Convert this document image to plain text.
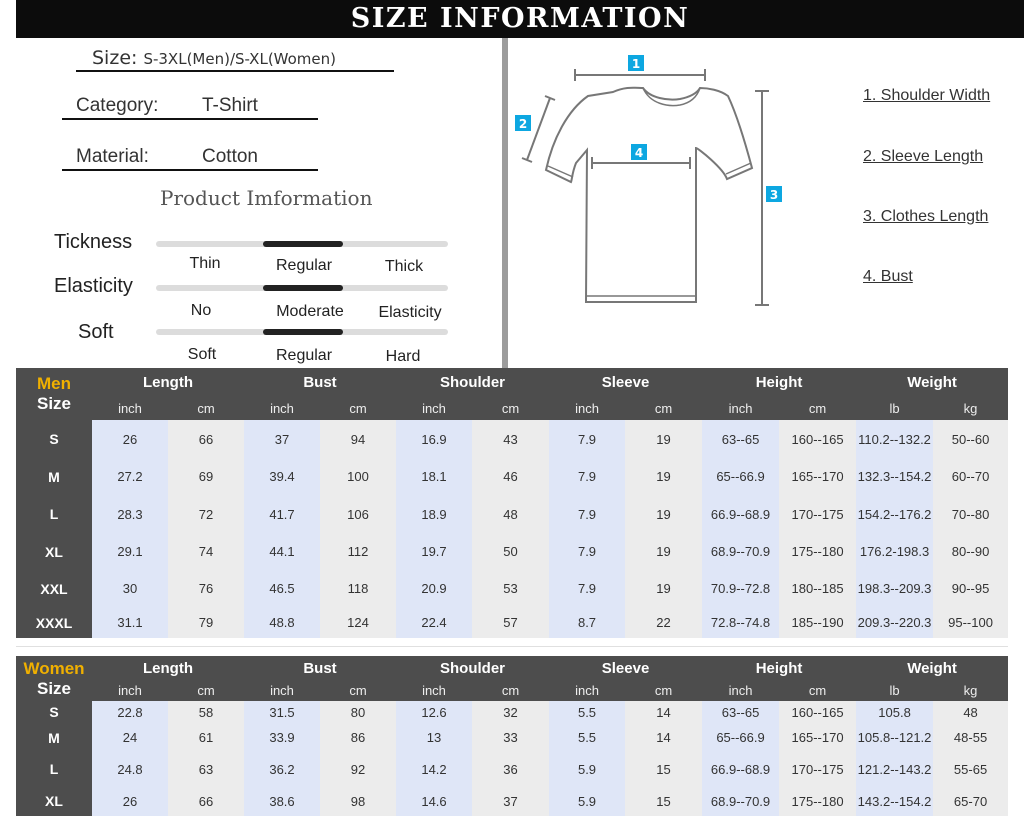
SIZE INFORMATION
Size: S-3XL(Men)/S-XL(Women)
Category: T-Shirt
Material:	Cotton
Product Imformation
Tickness
Thin	Regular	Thick
Elasticity
No	Moderate	Elasticity
Soft
Soft	Regular	Hard
1
2
3
4
1. Shoulder Width
2. Sleeve Length
3. Clothes Length
4. Bust
Men
Size	Length		Bust		Shoulder		Sleeve		Height		Weight	
	inch	cm	inch	cm	inch	cm	inch	cm	inch	cm	lb	kg
S	26	66	37	94	16.9	43	7.9	19	63--65	160--165	110.2--132.2	50--60
M	27.2	69	39.4	100	18.1	46	7.9	19	65--66.9	165--170	132.3--154.2	60--70
L	28.3	72	41.7	106	18.9	48	7.9	19	66.9--68.9	170--175	154.2--176.2	70--80
XL	29.1	74	44.1	112	19.7	50	7.9	19	68.9--70.9	175--180	176.2-198.3	80--90
XXL	30	76	46.5	118	20.9	53	7.9	19	70.9--72.8	180--185	198.3--209.3	90--95
XXXL	31.1	79	48.8	124	22.4	57	8.7	22	72.8--74.8	185--190	209.3--220.3	95--100
Women
Size	Length		Bust		Shoulder		Sleeve		Height		Weight	
	inch	cm	inch	cm	inch	cm	inch	cm	inch	cm	lb	kg
S	22.8	58	31.5	80	12.6	32	5.5	14	63--65	160--165	105.8	48
M	24	61	33.9	86	13	33	5.5	14	65--66.9	165--170	105.8--121.2	48-55
L	24.8	63	36.2	92	14.2	36	5.9	15	66.9--68.9	170--175	121.2--143.2	55-65
XL	26	66	38.6	98	14.6	37	5.9	15	68.9--70.9	175--180	143.2--154.2	65-70
